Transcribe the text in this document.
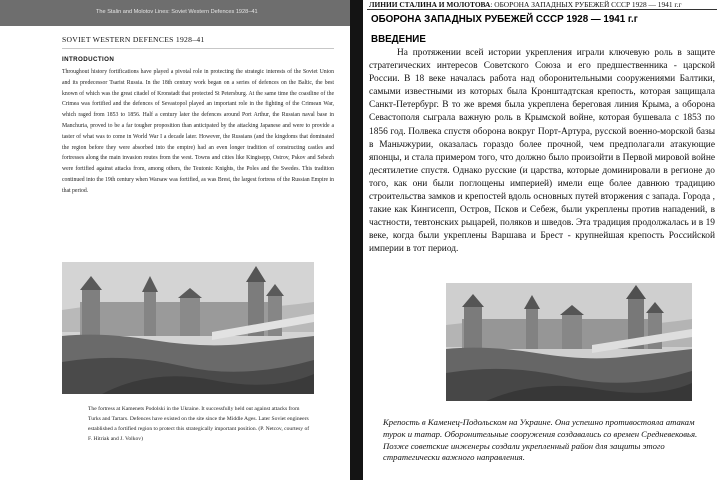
The Stalin and Molotov Lines: Soviet Western Defences 1928–41
SOVIET WESTERN DEFENCES 1928–41
INTRODUCTION
Throughout history fortifications have played a pivotal role in protecting the strategic interests of the Soviet Union and its predecessor Tsarist Russia. In the 18th century work began on a series of defences on the Baltic, the best known of which was the great citadel of Kronstadt that protected St Petersburg. At the same time the coastline of the Crimea was fortified and the defences of Sevastopol played an important role in the fighting of the Crimean War, which raged from 1853 to 1856. Half a century later the defences around Port Arthur, the Russian naval base in Manchuria, proved to be a far tougher proposition than anticipated by the attacking Japanese and were to provide a taster of what was to come in World War I a decade later. However, the Russians (and the kingdoms that dominated the region before they were absorbed into the empire) had an even longer tradition of constructing castles and fortresses along the main invasion routes from the west. Towns and cities like Kingisepp, Ostrov, Pskov and Sebezh were fortified against attacks from, among others, the Teutonic Knights, the Poles and the Swedes. This tradition continued into the 19th century when Warsaw was fortified, as was Brest, the largest fortress of the Russian Empire in that period.
The fortress at Kamenets Podolski in the Ukraine. It successfully held out against attacks from Turks and Tartars. Defences have existed on the site since the Middle Ages. Later Soviet engineers established a fortified region to protect this strategically important position. (P. Netcov, courtesy of F. Hitriak and J. Volkov)
ЛИНИИ СТАЛИНА И МОЛОТОВА: ОБОРОНА ЗАПАДНЫХ РУБЕЖЕЙ СССР 1928 — 1941 г.г
ОБОРОНА ЗАПАДНЫХ РУБЕЖЕЙ СССР 1928 — 1941 г.г
ВВЕДЕНИЕ
На протяжении всей истории укрепления играли ключевую роль в защите стратегических интересов Советского Союза и его предшественника - царской России. В 18 веке началась работа над оборонительными сооружениями Балтики, самыми известными из которых была Кронштадтская крепость, которая защищала Санкт-Петербург. В то же время была укреплена береговая линия Крыма, а оборона Севастополя сыграла важную роль в Крымской войне, которая бушевала с 1853 по 1856 год. Полвека спустя оборона вокруг Порт-Артура, русской военно-морской базы в Маньчжурии, оказалась гораздо более прочной, чем предполагали атакующие японцы, и стала примером того, что должно было произойти в Первой мировой войне десятилетие спустя. Однако русские (и царства, которые доминировали в регионе до того, как они были поглощены империей) имели еще более давнюю традицию строительства замков и крепостей вдоль основных путей вторжения с запада. Города , такие как Кингисепп, Остров, Псков и Себеж, были укреплены против нападений, в частности, тевтонских рыцарей, поляков и шведов. Эта традиция продолжалась и в 19 веке, когда были укреплены Варшава и Брест - крупнейшая крепость Российской империи в тот период.
Крепость в Каменец-Подольском на Украине. Она успешно противостояла атакам турок и татар. Оборонительные сооружения создавались со времен Средневековья. Позже советские инженеры создали укрепленный район для защиты этого стратегически важного направления.
